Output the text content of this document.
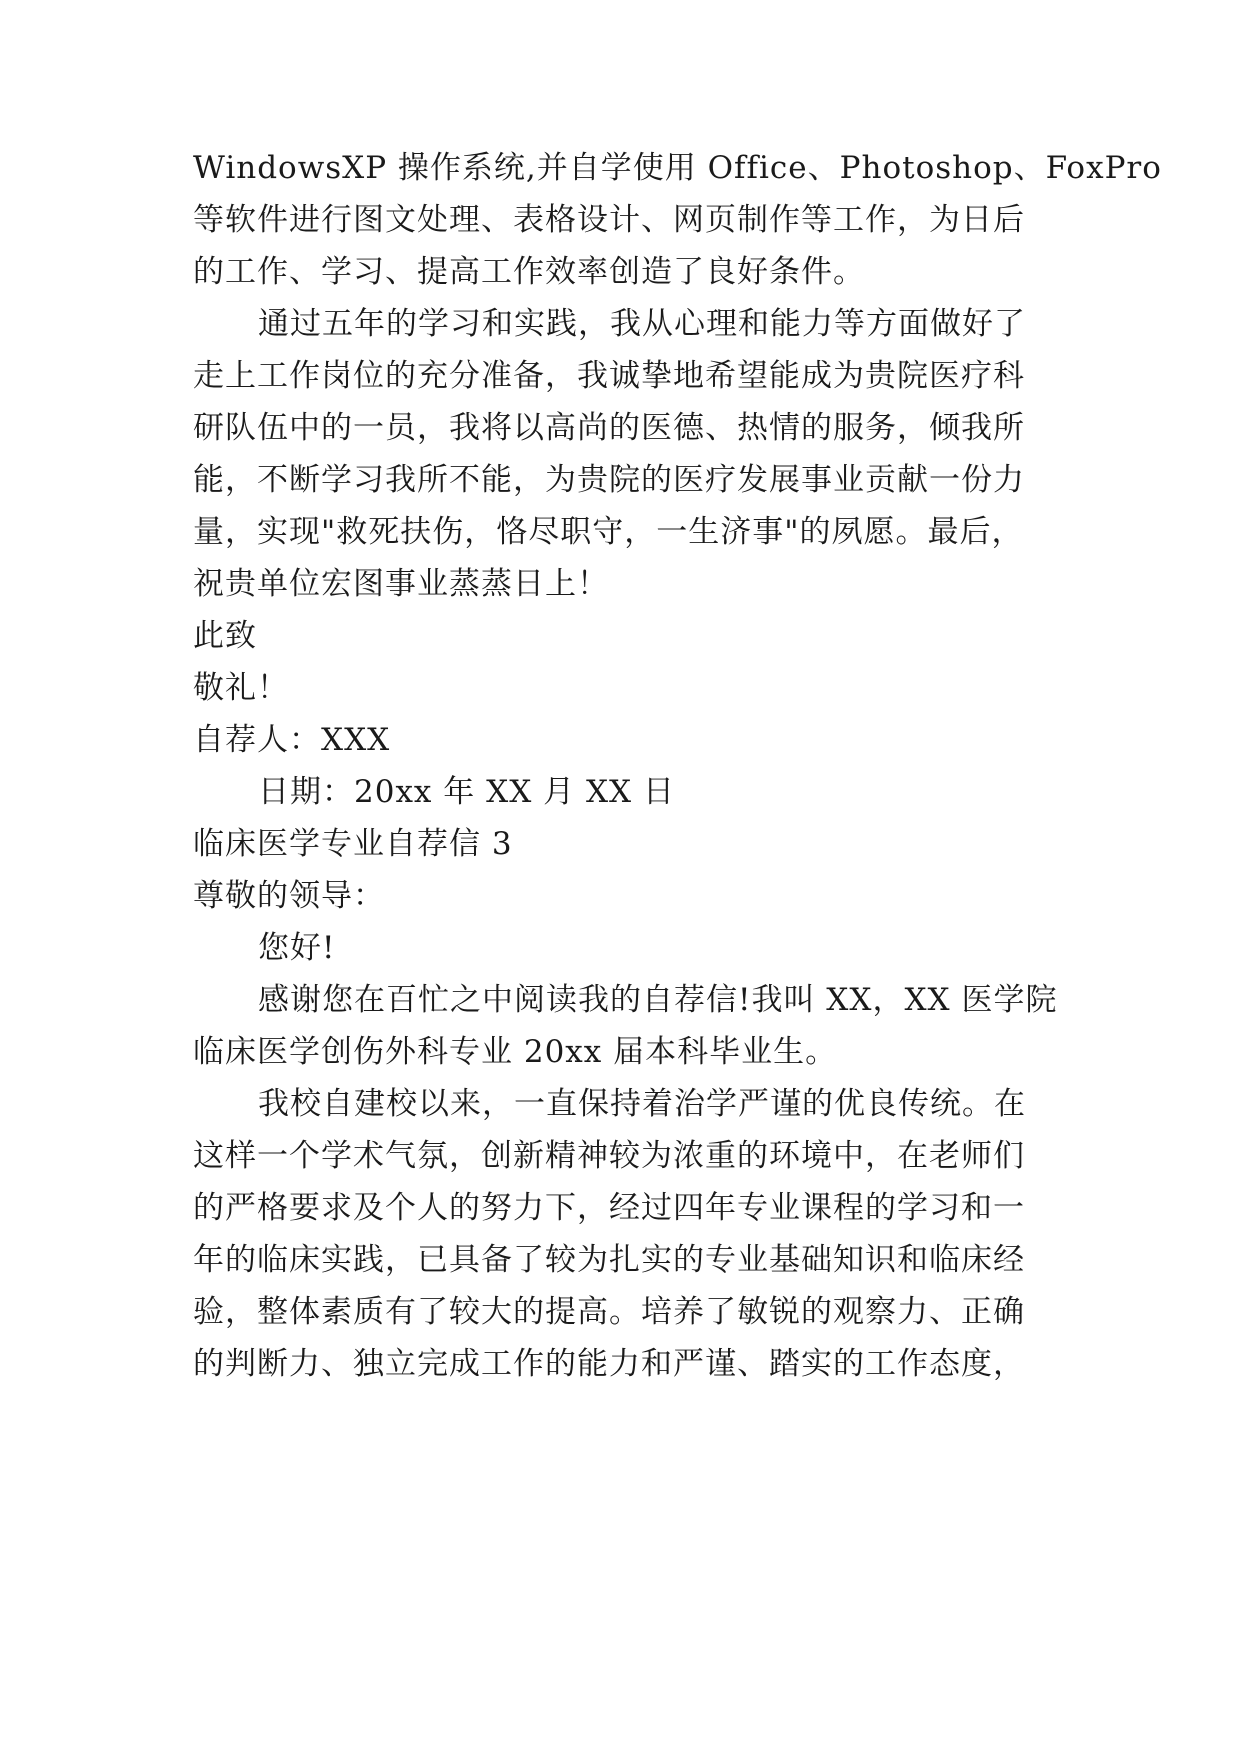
WindowsXP 操作系统,并自学使用 Office、Photoshop、FoxPro
等软件进行图文处理、表格设计、网页制作等工作，为日后
的工作、学习、提高工作效率创造了良好条件。
通过五年的学习和实践，我从心理和能力等方面做好了
走上工作岗位的充分准备，我诚挚地希望能成为贵院医疗科
研队伍中的一员，我将以高尚的医德、热情的服务，倾我所
能，不断学习我所不能，为贵院的医疗发展事业贡献一份力
量，实现"救死扶伤，恪尽职守，一生济事"的夙愿。最后，
祝贵单位宏图事业蒸蒸日上！
此致
敬礼！
自荐人：XXX
日期：20xx 年 XX 月 XX 日
临床医学专业自荐信 3
尊敬的领导：
您好!
感谢您在百忙之中阅读我的自荐信!我叫 XX，XX 医学院
临床医学创伤外科专业 20xx 届本科毕业生。
我校自建校以来，一直保持着治学严谨的优良传统。在
这样一个学术气氛，创新精神较为浓重的环境中，在老师们
的严格要求及个人的努力下，经过四年专业课程的学习和一
年的临床实践，已具备了较为扎实的专业基础知识和临床经
验，整体素质有了较大的提高。培养了敏锐的观察力、正确
的判断力、独立完成工作的能力和严谨、踏实的工作态度，
